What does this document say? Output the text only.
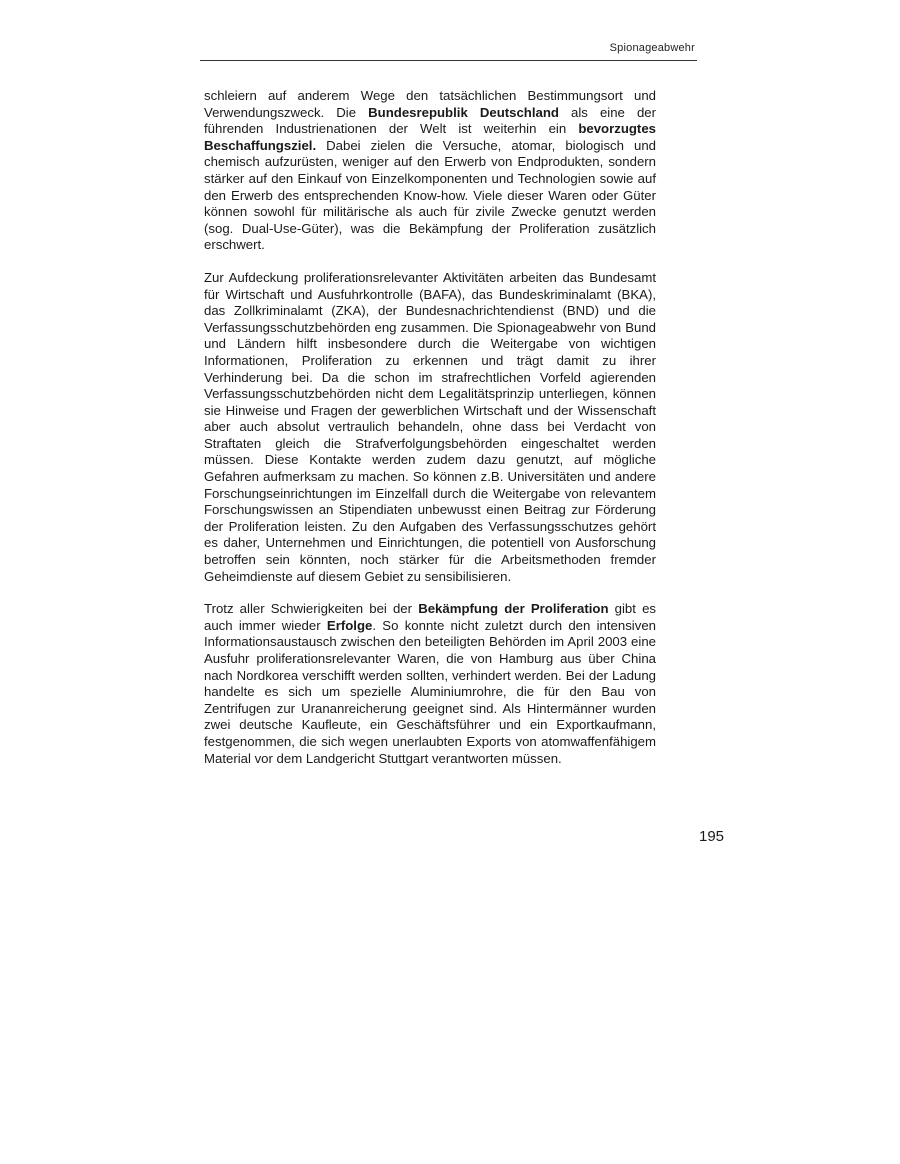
Spionageabwehr

schleiern auf anderem Wege den tatsächlichen Bestimmungsort und Verwendungszweck. Die Bundesrepublik Deutschland als eine der führenden Industrienationen der Welt ist weiterhin ein bevorzugtes Beschaffungsziel. Dabei zielen die Versuche, atomar, biologisch und chemisch aufzurüsten, weniger auf den Erwerb von Endprodukten, sondern stärker auf den Einkauf von Einzelkomponenten und Technologien sowie auf den Erwerb des entsprechenden Know-how. Viele dieser Waren oder Güter können sowohl für militärische als auch für zivile Zwecke genutzt werden (sog. Dual-Use-Güter), was die Bekämpfung der Proliferation zusätzlich erschwert.

Zur Aufdeckung proliferationsrelevanter Aktivitäten arbeiten das Bundesamt für Wirtschaft und Ausfuhrkontrolle (BAFA), das Bundeskriminalamt (BKA), das Zollkriminalamt (ZKA), der Bundesnachrichtendienst (BND) und die Verfassungsschutzbehörden eng zusammen. Die Spionageabwehr von Bund und Ländern hilft insbesondere durch die Weitergabe von wichtigen Informationen, Proliferation zu erkennen und trägt damit zu ihrer Verhinderung bei. Da die schon im strafrechtlichen Vorfeld agierenden Verfassungsschutzbehörden nicht dem Legalitätsprinzip unterliegen, können sie Hinweise und Fragen der gewerblichen Wirtschaft und der Wissenschaft aber auch absolut vertraulich behandeln, ohne dass bei Verdacht von Straftaten gleich die Strafverfolgungsbehörden eingeschaltet werden müssen. Diese Kontakte werden zudem dazu genutzt, auf mögliche Gefahren aufmerksam zu machen. So können z.B. Universitäten und andere Forschungseinrichtungen im Einzelfall durch die Weitergabe von relevantem Forschungswissen an Stipendiaten unbewusst einen Beitrag zur Förderung der Proliferation leisten. Zu den Aufgaben des Verfassungsschutzes gehört es daher, Unternehmen und Einrichtungen, die potentiell von Ausforschung betroffen sein könnten, noch stärker für die Arbeitsmethoden fremder Geheimdienste auf diesem Gebiet zu sensibilisieren.

Trotz aller Schwierigkeiten bei der Bekämpfung der Proliferation gibt es auch immer wieder Erfolge. So konnte nicht zuletzt durch den intensiven Informationsaustausch zwischen den beteiligten Behörden im April 2003 eine Ausfuhr proliferationsrelevanter Waren, die von Hamburg aus über China nach Nordkorea verschifft werden sollten, verhindert werden. Bei der Ladung handelte es sich um spezielle Aluminiumrohre, die für den Bau von Zentrifugen zur Urananreicherung geeignet sind. Als Hintermänner wurden zwei deutsche Kaufleute, ein Geschäftsführer und ein Exportkaufmann, festgenommen, die sich wegen unerlaubten Exports von atomwaffenfähigem Material vor dem Landgericht Stuttgart verantworten müssen.

195
